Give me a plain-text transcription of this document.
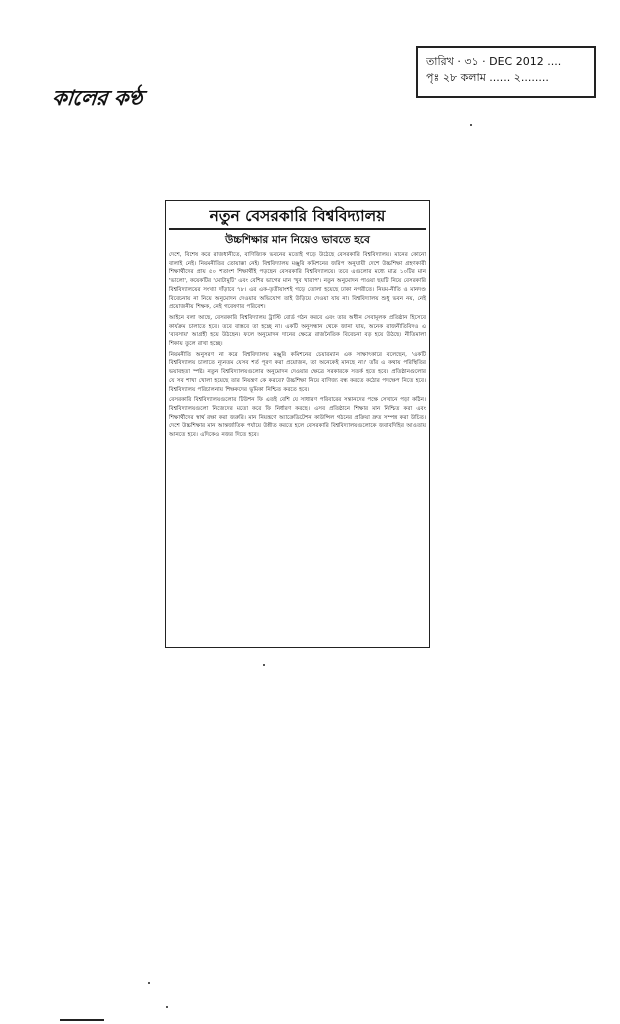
তারিখ · ৩১ · DEC 2012 ....
পৃঃ ২৮ কলাম ...... ২........
কালের কণ্ঠ
নতুন বেসরকারি বিশ্ববিদ্যালয়
উচ্চশিক্ষার মান নিয়েও ভাবতে হবে

দেশে, বিশেষ করে রাজধানীতে, বাণিজ্যিক ভবনের মতোই গড়ে উঠেছে বেসরকারি বিশ্ববিদ্যালয়। মানের কোনো বালাই নেই। নিয়মনীতির তোয়াক্কা নেই। বিশ্ববিদ্যালয় মঞ্জুরি কমিশনের জরিপ অনুযায়ী দেশে উচ্চশিক্ষা গ্রহণকারী শিক্ষার্থীদের প্রায় ৫০ শতাংশ শিক্ষার্থীই পড়ছেন বেসরকারি বিশ্ববিদ্যালয়ে। তবে এগুলোর মধ্যে মাত্র ১০টির মান 'ভালো', কয়েকটির 'মোটামুটি' এবং বেশির ভাগের মান 'খুব খারাপ'। নতুন অনুমোদন পাওয়া ছয়টি নিয়ে বেসরকারি বিশ্ববিদ্যালয়ের সংখ্যা দাঁড়াবে ৭৮। এর এক-তৃতীয়াংশই গড়ে তোলা হয়েছে ঢাকা নগরীতে। নিয়ম-নীতি ও মানদণ্ড বিবেচনায় না নিয়ে অনুমোদন দেওয়ার অভিযোগ তাই উড়িয়ে দেওয়া যায় না। বিশ্ববিদ্যালয় শুধু ভবন নয়, নেই প্রয়োজনীয় শিক্ষক, নেই গবেষণার পরিবেশ।

আইনে বলা আছে, বেসরকারি বিশ্ববিদ্যালয় ট্রাস্টি বোর্ড গঠন করবে এবং তার অধীন সেবামূলক প্রতিষ্ঠান হিসেবে কার্যক্রম চালাতে হবে। তবে বাস্তবে তা হচ্ছে না। একটি অনুসন্ধান থেকে জানা যায়, অনেক রাজনীতিবিদও এ 'ব্যবসায়' আগ্রহী হয়ে উঠছেন। ফলে অনুমোদন দানের ক্ষেত্রে রাজনৈতিক বিবেচনা বড় হয়ে উঠছে। নীতিমালা শিকায় তুলে রাখা হচ্ছে।

নিয়মনীতি অনুসরণ না করে বিশ্ববিদ্যালয় মঞ্জুরি কমিশনের চেয়ারম্যান এক সাক্ষাৎকারে বলেছেন, 'একটি বিশ্ববিদ্যালয় চালাতে ন্যূনতম যেসব শর্ত পূরণ করা প্রয়োজন, তা অনেকেই মানছে না।' তাঁর এ কথায় পরিস্থিতির ভয়াবহতা স্পষ্ট। নতুন বিশ্ববিদ্যালয়গুলোর অনুমোদন দেওয়ার ক্ষেত্রে সরকারকে সতর্ক হতে হবে। প্রতিষ্ঠানগুলোর যে সব শাখা খোলা হয়েছে তার নিয়ন্ত্রণ কে করবে? উচ্চশিক্ষা নিয়ে বাণিজ্য বন্ধ করতে কঠোর পদক্ষেপ নিতে হবে। বিশ্ববিদ্যালয় পরিচালনায় শিক্ষকদের ভূমিকা নিশ্চিত করতে হবে।

বেসরকারি বিশ্ববিদ্যালয়গুলোর টিউশন ফি এতই বেশি যে সাধারণ পরিবারের সন্তানদের পক্ষে সেখানে পড়া কঠিন। বিশ্ববিদ্যালয়গুলো নিজেদের মতো করে ফি নির্ধারণ করছে। এসব প্রতিষ্ঠানে শিক্ষার মান নিশ্চিত করা এবং শিক্ষার্থীদের স্বার্থ রক্ষা করা জরুরি। মান নিয়ন্ত্রণে অ্যাক্রেডিটেশন কাউন্সিল গঠনের প্রক্রিয়া দ্রুত সম্পন্ন করা উচিত। দেশে উচ্চশিক্ষার মান আন্তর্জাতিক পর্যায়ে উন্নীত করতে হলে বেসরকারি বিশ্ববিদ্যালয়গুলোকে জবাবদিহির আওতায় আনতে হবে। এদিকেও নজর দিতে হবে।
